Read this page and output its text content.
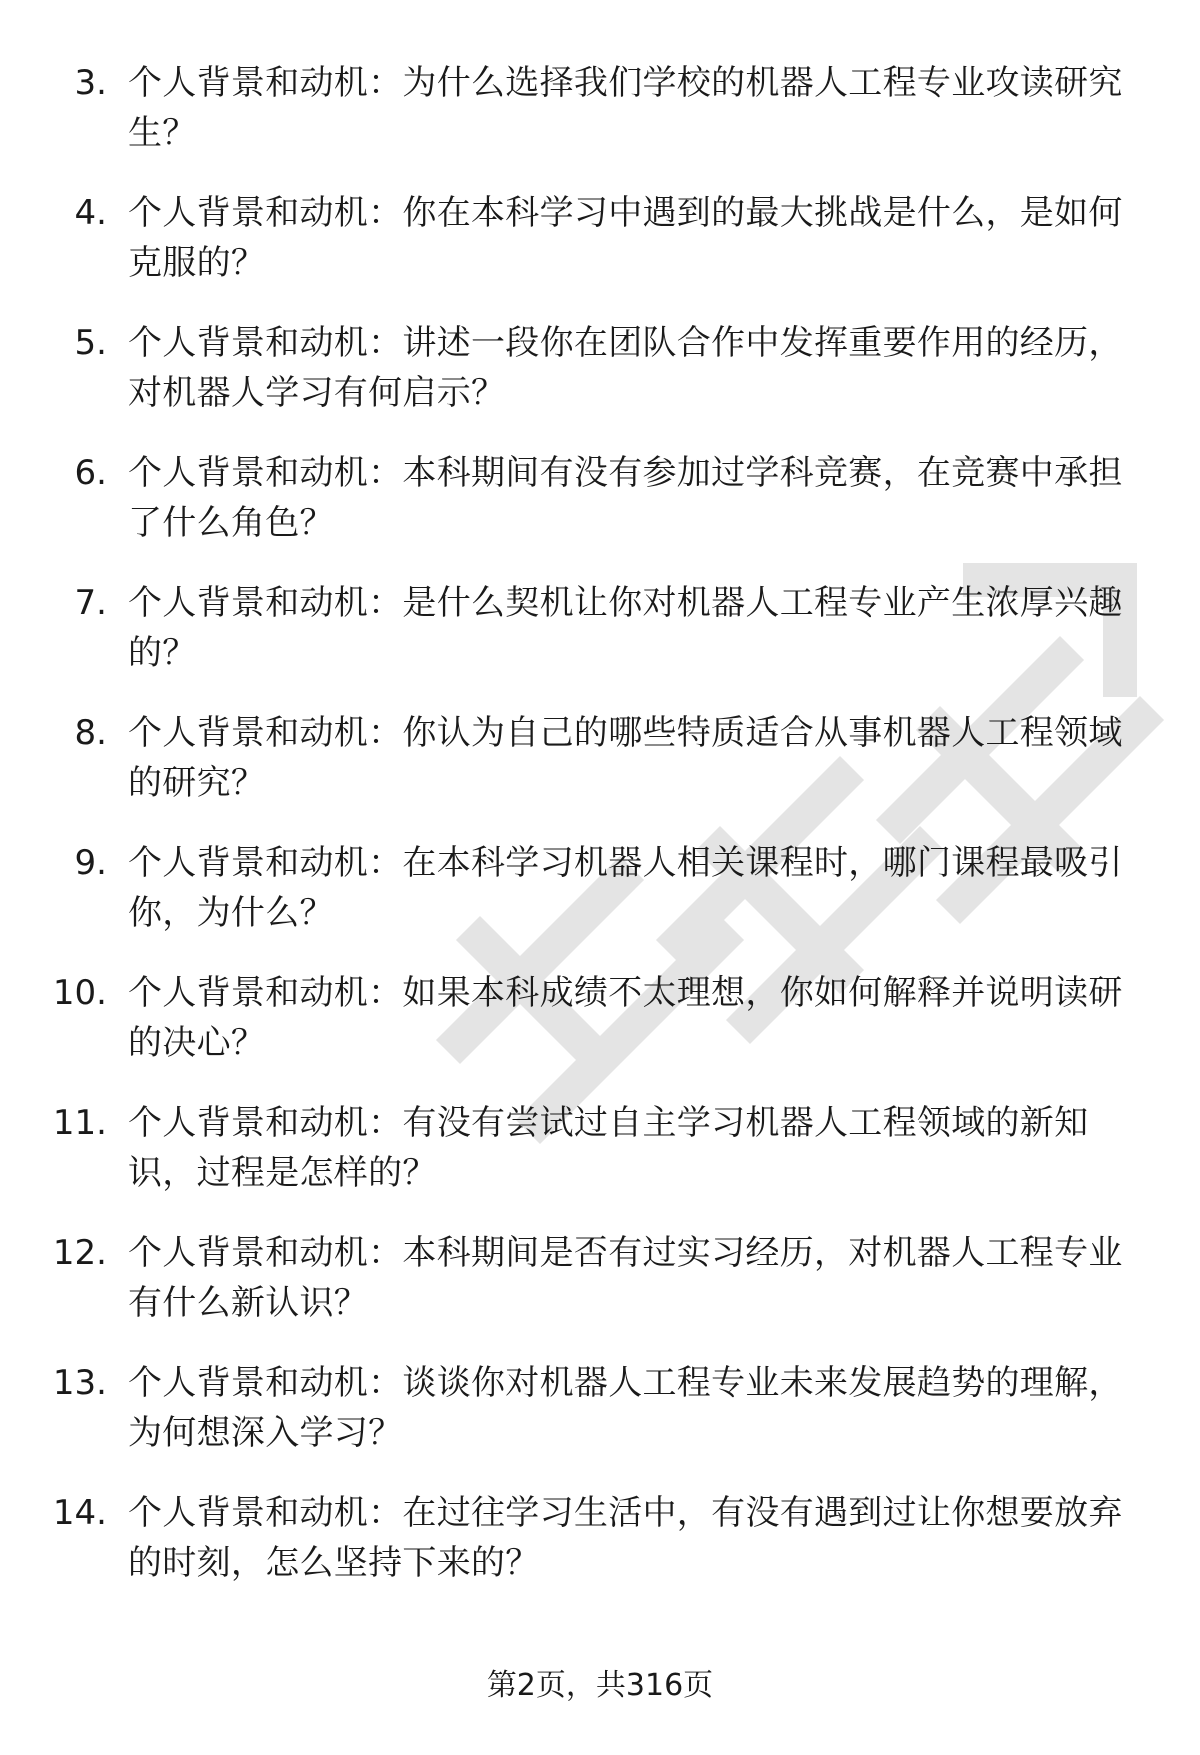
3. 个人背景和动机：为什么选择我们学校的机器人工程专业攻读研究生？
4. 个人背景和动机：你在本科学习中遇到的最大挑战是什么，是如何克服的？
5. 个人背景和动机：讲述一段你在团队合作中发挥重要作用的经历，对机器人学习有何启示？
6. 个人背景和动机：本科期间有没有参加过学科竞赛，在竞赛中承担了什么角色？
7. 个人背景和动机：是什么契机让你对机器人工程专业产生浓厚兴趣的？
8. 个人背景和动机：你认为自己的哪些特质适合从事机器人工程领域的研究？
9. 个人背景和动机：在本科学习机器人相关课程时，哪门课程最吸引你，为什么？
10. 个人背景和动机：如果本科成绩不太理想，你如何解释并说明读研的决心？
11. 个人背景和动机：有没有尝试过自主学习机器人工程领域的新知识，过程是怎样的？
12. 个人背景和动机：本科期间是否有过实习经历，对机器人工程专业有什么新认识？
13. 个人背景和动机：谈谈你对机器人工程专业未来发展趋势的理解，为何想深入学习？
14. 个人背景和动机：在过往学习生活中，有没有遇到过让你想要放弃的时刻，怎么坚持下来的？
第2页，共316页
